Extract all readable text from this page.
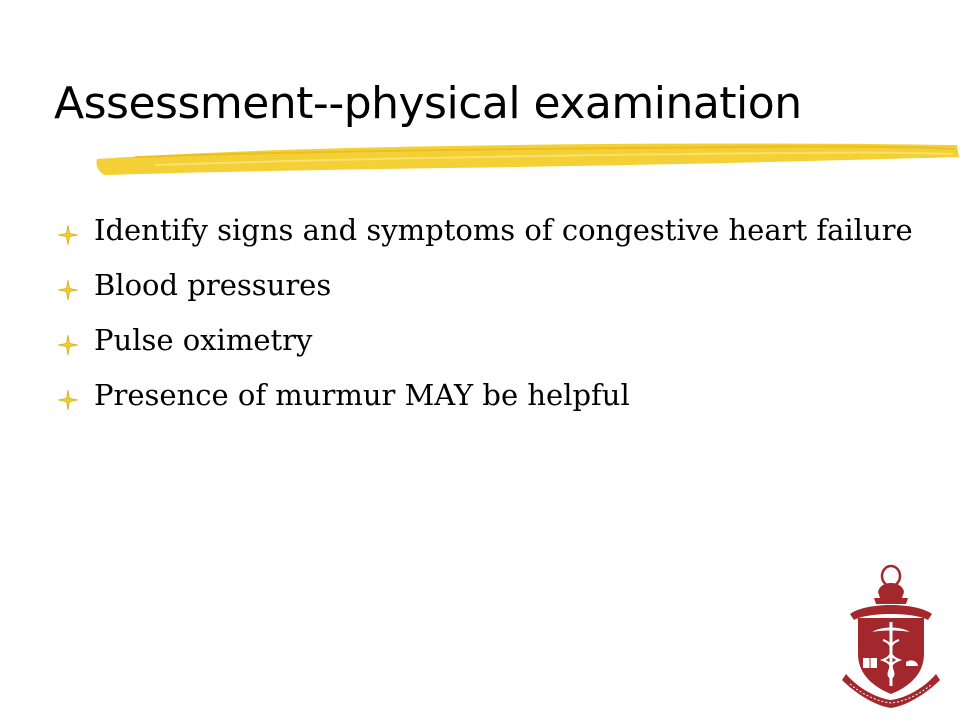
Assessment--physical examination
Identify signs and symptoms of congestive heart failure
Blood pressures
Pulse oximetry
Presence of murmur MAY be helpful
